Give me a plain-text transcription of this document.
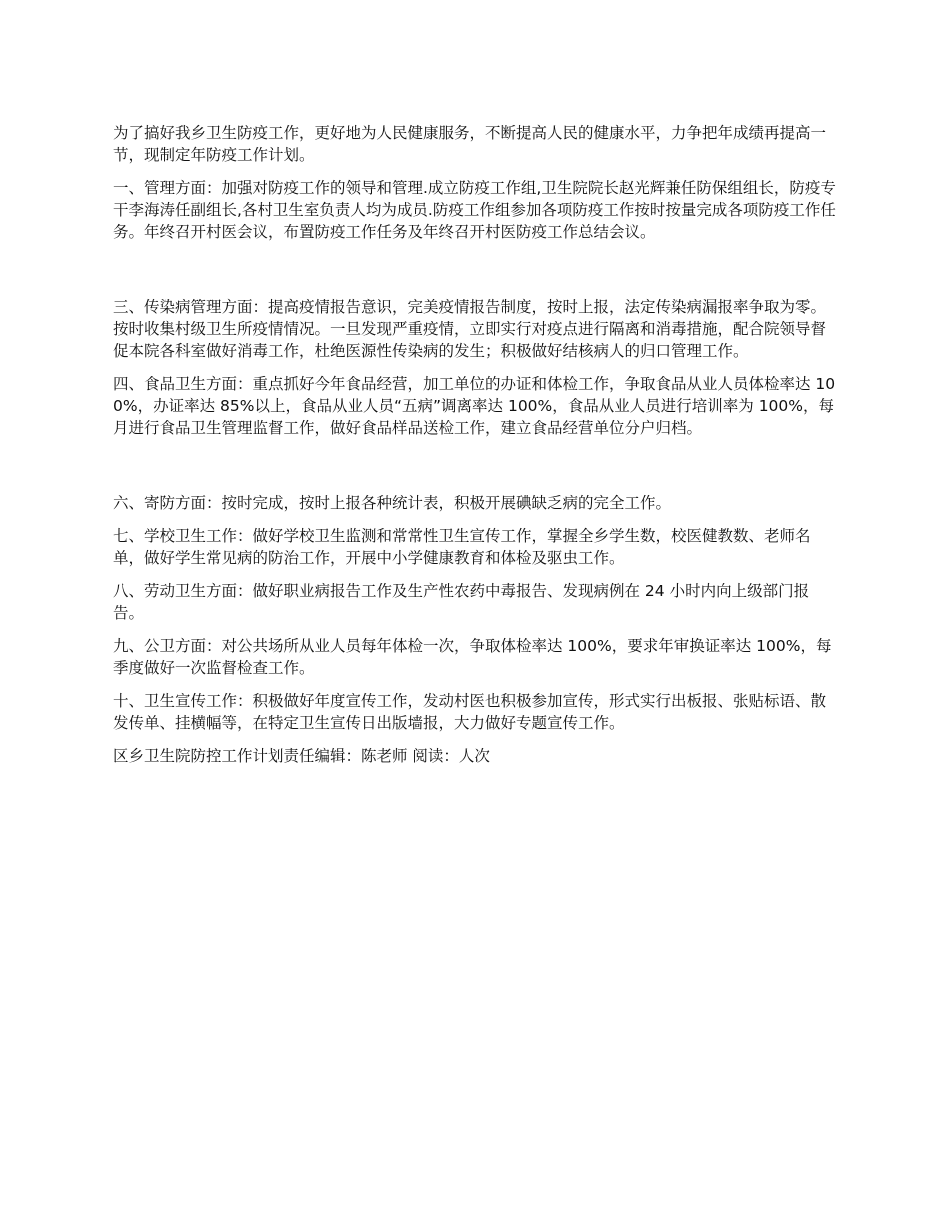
为了搞好我乡卫生防疫工作，更好地为人民健康服务，不断提高人民的健康水平，力争把年成绩再提高一节，现制定年防疫工作计划。

一、管理方面：加强对防疫工作的领导和管理.成立防疫工作组,卫生院院长赵光辉兼任防保组组长，防疫专干李海涛任副组长,各村卫生室负责人均为成员.防疫工作组参加各项防疫工作按时按量完成各项防疫工作任务。年终召开村医会议，布置防疫工作任务及年终召开村医防疫工作总结会议。

三、传染病管理方面：提高疫情报告意识，完美疫情报告制度，按时上报，法定传染病漏报率争取为零。按时收集村级卫生所疫情情况。一旦发现严重疫情，立即实行对疫点进行隔离和消毒措施，配合院领导督促本院各科室做好消毒工作，杜绝医源性传染病的发生；积极做好结核病人的归口管理工作。

四、食品卫生方面：重点抓好今年食品经营，加工单位的办证和体检工作，争取食品从业人员体检率达 100%，办证率达 85%以上，食品从业人员“五病”调离率达 100%，食品从业人员进行培训率为 100%，每月进行食品卫生管理监督工作，做好食品样品送检工作，建立食品经营单位分户归档。

六、寄防方面：按时完成，按时上报各种统计表，积极开展碘缺乏病的完全工作。

七、学校卫生工作：做好学校卫生监测和常常性卫生宣传工作，掌握全乡学生数，校医健教数、老师名单，做好学生常见病的防治工作，开展中小学健康教育和体检及驱虫工作。

八、劳动卫生方面：做好职业病报告工作及生产性农药中毒报告、发现病例在 24 小时内向上级部门报告。

九、公卫方面：对公共场所从业人员每年体检一次，争取体检率达 100%，要求年审换证率达 100%，每季度做好一次监督检查工作。

十、卫生宣传工作：积极做好年度宣传工作，发动村医也积极参加宣传，形式实行出板报、张贴标语、散发传单、挂横幅等，在特定卫生宣传日出版墙报，大力做好专题宣传工作。

区乡卫生院防控工作计划责任编辑：陈老师 阅读：人次
